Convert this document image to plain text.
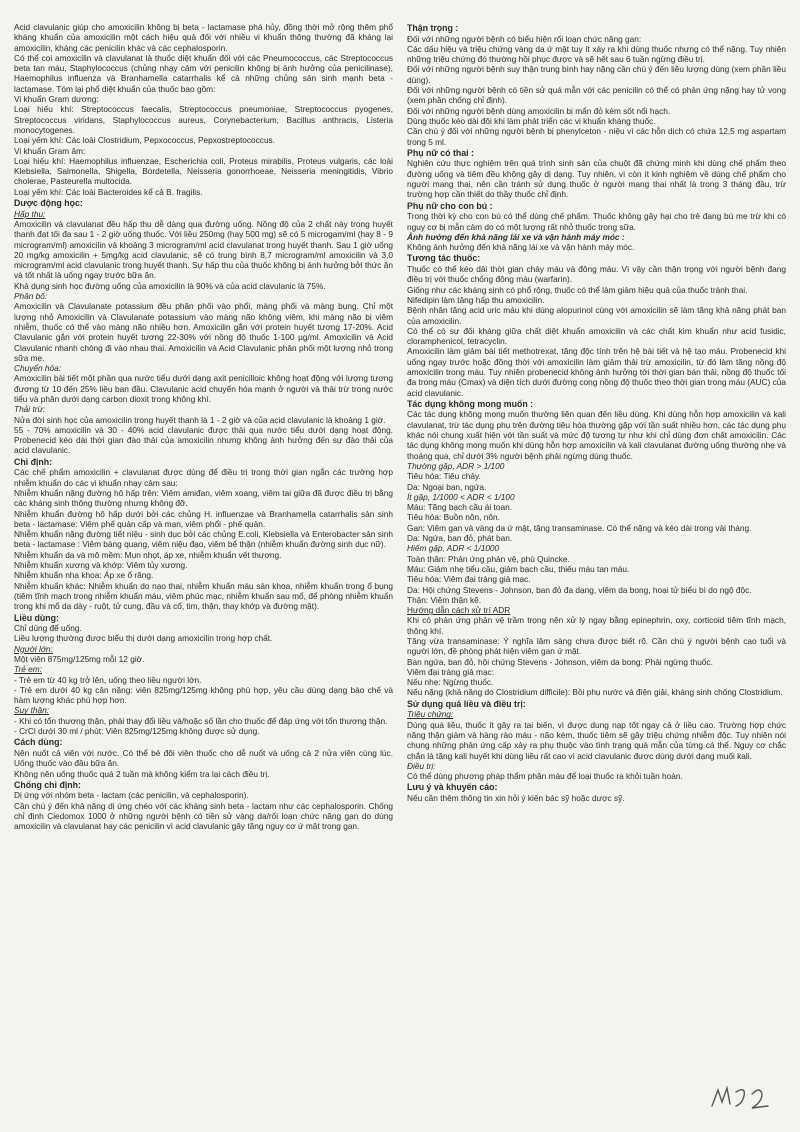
Acid clavulanic giúp cho amoxicilin không bị beta - lactamase phá hủy, đồng thời mở rộng thêm phổ kháng khuẩn của amoxicilin một cách hiệu quả đối với nhiều vi khuẩn thông thường đã kháng lại amoxicilin, kháng các penicilin khác và các cephalosporin.
Có thể coi amoxicilin và clavulanat là thuốc diệt khuẩn đối với các Pneumococcus, các Streptococcus beta tan máu, Staphylococcus (chủng nhạy cảm với penicilin không bị ảnh hưởng của penicilinase), Haemophilus influenza và Branhamella catarrhalis kể cả những chủng sản sinh mạnh beta - lactamase. Tóm lại phổ diệt khuẩn của thuốc bao gồm:
Vi khuẩn Gram dương:
Loại hiếu khí: Streptococcus faecalis, Streptococcus pneumoniae, Streptococcus pyogenes, Streptococcus viridans, Staphylococcus aureus, Corynebacterium, Bacillus anthracis, Listeria monocytogenes.
Loại yếm khí: Các loài Clostridium, Pepxococcus, Pepxostreptococcus.
Vi khuẩn Gram âm:
Loại hiếu khí: Haemophilus influenzae, Escherichia coli, Proteus mirabilis, Proteus vulgaris, các loài Klebsiella, Salmonella, Shigella, Bordetella, Neisseria gonorrhoeae, Neisseria meningitidis, Vibrio cholerae, Pasteurella multocida.
Loại yếm khí: Các loài Bacteroides kể cả B. fragilis.
Dược động học:
Hấp thu:
Amoxicilin và clavulanat đều hấp thu dễ dàng qua đường uống. Nồng độ của 2 chất này trong huyết thanh đạt tối đa sau 1 - 2 giờ uống thuốc. Với liều 250mg (hay 500 mg) sẽ có 5 microgam/ml (hay 8 - 9 microgram/ml) amoxicilin và khoảng 3 microgram/ml acid clavulanat trong huyết thanh. Sau 1 giờ uống 20 mg/kg amoxicilin + 5mg/kg acid clavulanic, sẽ có trung bình 8,7 microgram/ml amoxicilin và 3,0 microgram/ml acid clavulanic trong huyết thanh. Sự hấp thu của thuốc không bị ảnh hưởng bởi thức ăn và tốt nhất là uống ngay trước bữa ăn.
Khả dụng sinh học đường uống của amoxicilin là 90% và của acid clavulanic là 75%.
Phân bố:
Amoxicilin và Clavulanate potassium đều phân phối vào phổi, màng phổi và màng bụng. Chỉ một lượng nhỏ Amoxicilin và Clavulanate potassium vào màng não không viêm, khi màng não bị viêm nhiễm, thuốc có thể vào màng não nhiều hơn. Amoxicilin gắn với protein huyết tương 17-20%. Acid Clavulanic gắn với protein huyết tương 22-30% với nồng độ thuốc 1-100 µg/ml. Amoxicilin và Acid Clavulanic nhanh chóng đi vào nhau thai. Amoxicilin và Acid Clavulanic phân phối một lượng nhỏ trong sữa mẹ.
Chuyển hóa:
Amoxicilin bài tiết một phần qua nước tiểu dưới dạng axit penicilloic không hoạt động với lượng tương đương từ 10 đến 25% liều ban đầu. Clavulanic acid chuyển hóa mạnh ở người và thải trừ trong nước tiểu và phân dưới dạng carbon dioxit trong không khí.
Thải trừ:
Nửa đời sinh học của amoxicilin trong huyết thanh là 1 - 2 giờ và của acid clavulanic là khoảng 1 giờ.
55 - 70% amoxicilin và 30 - 40% acid clavulanic được thải qua nước tiểu dưới dạng hoạt động. Probenecid kéo dài thời gian đào thải của amoxicilin nhưng không ảnh hưởng đến sự đào thải của acid clavulanic.
Chỉ định:
Các chế phẩm amoxicilin + clavulanat được dùng để điều trị trong thời gian ngắn các trường hợp nhiễm khuẩn do các vi khuẩn nhạy cảm sau:
Nhiễm khuẩn nặng đường hô hấp trên: Viêm amiđan, viêm xoang, viêm tai giữa đã được điều trị bằng các kháng sinh thông thường nhưng không đỡ.
Nhiễm khuẩn đường hô hấp dưới bởi các chủng H. influenzae và Branhamella catarrhalis sản sinh beta - lactamase: Viêm phế quản cấp và mạn, viêm phổi - phế quản.
Nhiễm khuẩn nặng đường tiết niệu - sinh dục bởi các chủng E.coli, Klebsiella và Enterobacter sản sinh beta - lactamase : Viêm bàng quang, viêm niệu đạo, viêm bể thận (nhiễm khuẩn đường sinh dục nữ).
Nhiễm khuẩn da và mô mềm: Mụn nhọt, áp xe, nhiễm khuẩn vết thương.
Nhiễm khuẩn xương và khớp: Viêm tủy xương.
Nhiễm khuẩn nha khoa: Áp xe ổ răng.
Nhiễm khuẩn khác: Nhiễm khuẩn do nạo thai, nhiễm khuẩn máu sản khoa, nhiễm khuẩn trong ổ bụng (tiêm tĩnh mạch trong nhiễm khuẩn máu, viêm phúc mạc, nhiễm khuẩn sau mổ, để phòng nhiễm khuẩn trong khi mổ dạ dày - ruột, tử cung, đầu và cổ, tim, thận, thay khớp và đường mật).
Liều dùng:
Chỉ dùng để uống.
Liều lượng thường được biểu thị dưới dạng amoxicilin trong hợp chất.
Người lớn:
Một viên 875mg/125mg mỗi 12 giờ.
Trẻ em:
- Trẻ em từ 40 kg trở lên, uống theo liều người lớn.
- Trẻ em dưới 40 kg cân nặng: viên 825mg/125mg không phù hợp, yêu cầu dùng dạng bào chế và hàm lượng khác phù hợp hơn.
Suy thận:
- Khi có tổn thương thận, phải thay đổi liều và/hoặc số lần cho thuốc để đáp ứng với tổn thương thận.
- CrCl dưới 30 ml / phút: Viên 825mg/125mg không được sử dụng.
Cách dùng:
Nên nuốt cả viên với nước. Có thể bẻ đôi viên thuốc cho dễ nuốt và uống cả 2 nửa viên cùng lúc. Uống thuốc vào đầu bữa ăn.
Không nên uống thuốc quá 2 tuần mà không kiểm tra lại cách điều trị.
Chống chỉ định:
Dị ứng với nhóm beta - lactam (các penicilin, và cephalosporin).
Cần chú ý đến khả năng dị ứng chéo với các kháng sinh beta - lactam như các cephalosporin. Chống chỉ định Ciedomox 1000 ở những người bệnh có tiền sử vàng da/rối loạn chức năng gan do dùng amoxicilin và clavulanat hay các penicilin vì acid clavulanic gây tăng nguy cơ ứ mật trong gan.
Thận trọng :
Đối với những người bệnh có biểu hiện rối loạn chức năng gan:
Các dấu hiệu và triệu chứng vàng da ứ mật tuy ít xảy ra khi dùng thuốc nhưng có thể nặng. Tuy nhiên những triệu chứng đó thường hồi phục được và sẽ hết sau 6 tuần ngừng điều trị.
Đối với những người bệnh suy thận trung bình hay nặng cần chú ý đến liều lượng dùng (xem phần liều dùng).
Đối với những người bệnh có tiền sử quá mẫn với các penicilin có thể có phản ứng nặng hay tử vong (xem phần chống chỉ định).
Đối với những người bệnh dùng amoxicilin bị mẩn đỏ kèm sốt nổi hạch.
Dùng thuốc kéo dài đôi khi làm phát triển các vi khuẩn kháng thuốc.
Cần chú ý đối với những người bệnh bị phenylceton - niệu vì các hỗn dịch có chứa 12,5 mg aspartam trong 5 ml.
Phụ nữ có thai :
Nghiên cứu thực nghiệm trên quá trình sinh sản của chuột đã chứng minh khi dùng chế phẩm theo đường uống và tiêm đều không gây dị dạng. Tuy nhiên, vì còn ít kinh nghiệm về dùng chế phẩm cho người mang thai, nên cần tránh sử dụng thuốc ở người mang thai nhất là trong 3 tháng đầu, trừ trường hợp cần thiết do thầy thuốc chỉ định.
Phụ nữ cho con bú :
Trong thời kỳ cho con bú có thể dùng chế phẩm. Thuốc không gây hại cho trẻ đang bú mẹ trừ khi có nguy cơ bị mẫn cảm do có một lượng rất nhỏ thuốc trong sữa.
Ảnh hưởng đến khả năng lái xe và vận hành máy móc :
Không ảnh hưởng đến khả năng lái xe và vận hành máy móc.
Tương tác thuốc:
Thuốc có thể kéo dài thời gian chảy máu và đông máu. Vì vậy cần thận trọng với người bệnh đang điều trị với thuốc chống đông máu (warfarin).
Giống như các kháng sinh có phổ rộng, thuốc có thể làm giảm hiệu quả của thuốc tránh thai.
Nifedipin làm tăng hấp thu amoxicilin.
Bệnh nhân tăng acid uric máu khi dùng alopurinol cùng với amoxicilin sẽ làm tăng khả năng phát ban của amoxicilin.
Có thể có sự đối kháng giữa chất diệt khuẩn amoxicilin và các chất kìm khuẩn như acid fusidic, cloramphenicol, tetracyclin.
Amoxicilin làm giảm bài tiết methotrexat, tăng độc tính trên hệ bài tiết và hệ tạo máu. Probenecid khi uống ngay trước hoặc đồng thời với amoxicilin làm giảm thải trừ amoxicilin, từ đó làm tăng nồng độ amoxicilin trong máu. Tuy nhiên probenecid không ảnh hưởng tới thời gian bán thải, nồng độ thuốc tối đa trong máu (Cmax) và diện tích dưới đường cong nồng độ thuốc theo thời gian trong máu (AUC) của acid clavulanic.
Tác dụng không mong muốn :
Các tác dụng không mong muốn thường liên quan đến liều dùng. Khi dùng hỗn hợp amoxicilin và kali clavulanat, trừ tác dụng phụ trên đường tiêu hóa thường gặp với tần suất nhiều hơn, các tác dụng phụ khác nói chung xuất hiện với tần suất và mức độ tương tự như khi chỉ dùng đơn chất amoxicilin. Các tác dụng không mong muốn khi dùng hỗn hợp amoxicilin và kali clavulanat đường uống thường nhẹ và thoáng qua, chỉ dưới 3% người bệnh phải ngừng dùng thuốc.
Thường gặp, ADR > 1/100
Tiêu hóa: Tiêu chảy.
Da: Ngoại ban, ngứa.
Ít gặp, 1/1000 < ADR < 1/100
Máu: Tăng bạch cầu ái toan.
Tiêu hóa: Buồn nôn, nôn.
Gan: Viêm gan và vàng da ứ mật, tăng transaminase. Có thể nặng và kéo dài trong vài tháng.
Da: Ngứa, ban đỏ, phát ban.
Hiếm gặp, ADR < 1/1000
Toàn thân: Phản ứng phản vệ, phù Quincke.
Máu: Giảm nhẹ tiểu cầu, giảm bạch cầu, thiếu máu tan máu.
Tiêu hóa: Viêm đại tràng giả mạc.
Da: Hội chứng Stevens - Johnson, ban đỏ đa dạng, viêm da bong, hoại tử biểu bì do ngộ độc.
Thận: Viêm thận kẽ.
Hướng dẫn cách xử trí ADR
Khi có phản ứng phản vệ trầm trọng nên xử lý ngay bằng epinephrin, oxy, corticoid tiêm tĩnh mạch, thông khí.
Tăng vừa transaminase: Ý nghĩa lâm sàng chưa được biết rõ. Cần chú ý người bệnh cao tuổi và người lớn, đề phòng phát hiện viêm gan ứ mật.
Ban ngứa, ban đỏ, hội chứng Stevens - Johnson, viêm da bong: Phải ngừng thuốc.
Viêm đại tràng giả mạc:
Nếu nhẹ: Ngừng thuốc.
Nếu nặng (khả năng do Clostridium difficile): Bồi phụ nước và điện giải, kháng sinh chống Clostridium.
Sử dụng quá liều và điều trị:
Triệu chứng:
Dùng quá liều, thuốc ít gây ra tai biến, vì được dung nạp tốt ngay cả ở liều cao. Trường hợp chức năng thận giảm và hàng rào máu - não kém, thuốc tiêm sẽ gây triệu chứng nhiễm độc. Tuy nhiên nói chung những phản ứng cấp xảy ra phụ thuộc vào tình trạng quá mẫn của từng cá thể. Nguy cơ chắc chắn là tăng kali huyết khi dùng liều rất cao vì acid clavulanic được dùng dưới dạng muối kali.
Điều trị:
Có thể dùng phương pháp thẩm phân máu để loại thuốc ra khỏi tuần hoàn.
Lưu ý và khuyến cáo:
Nếu cần thêm thông tin xin hỏi ý kiến bác sỹ hoặc dược sỹ.
